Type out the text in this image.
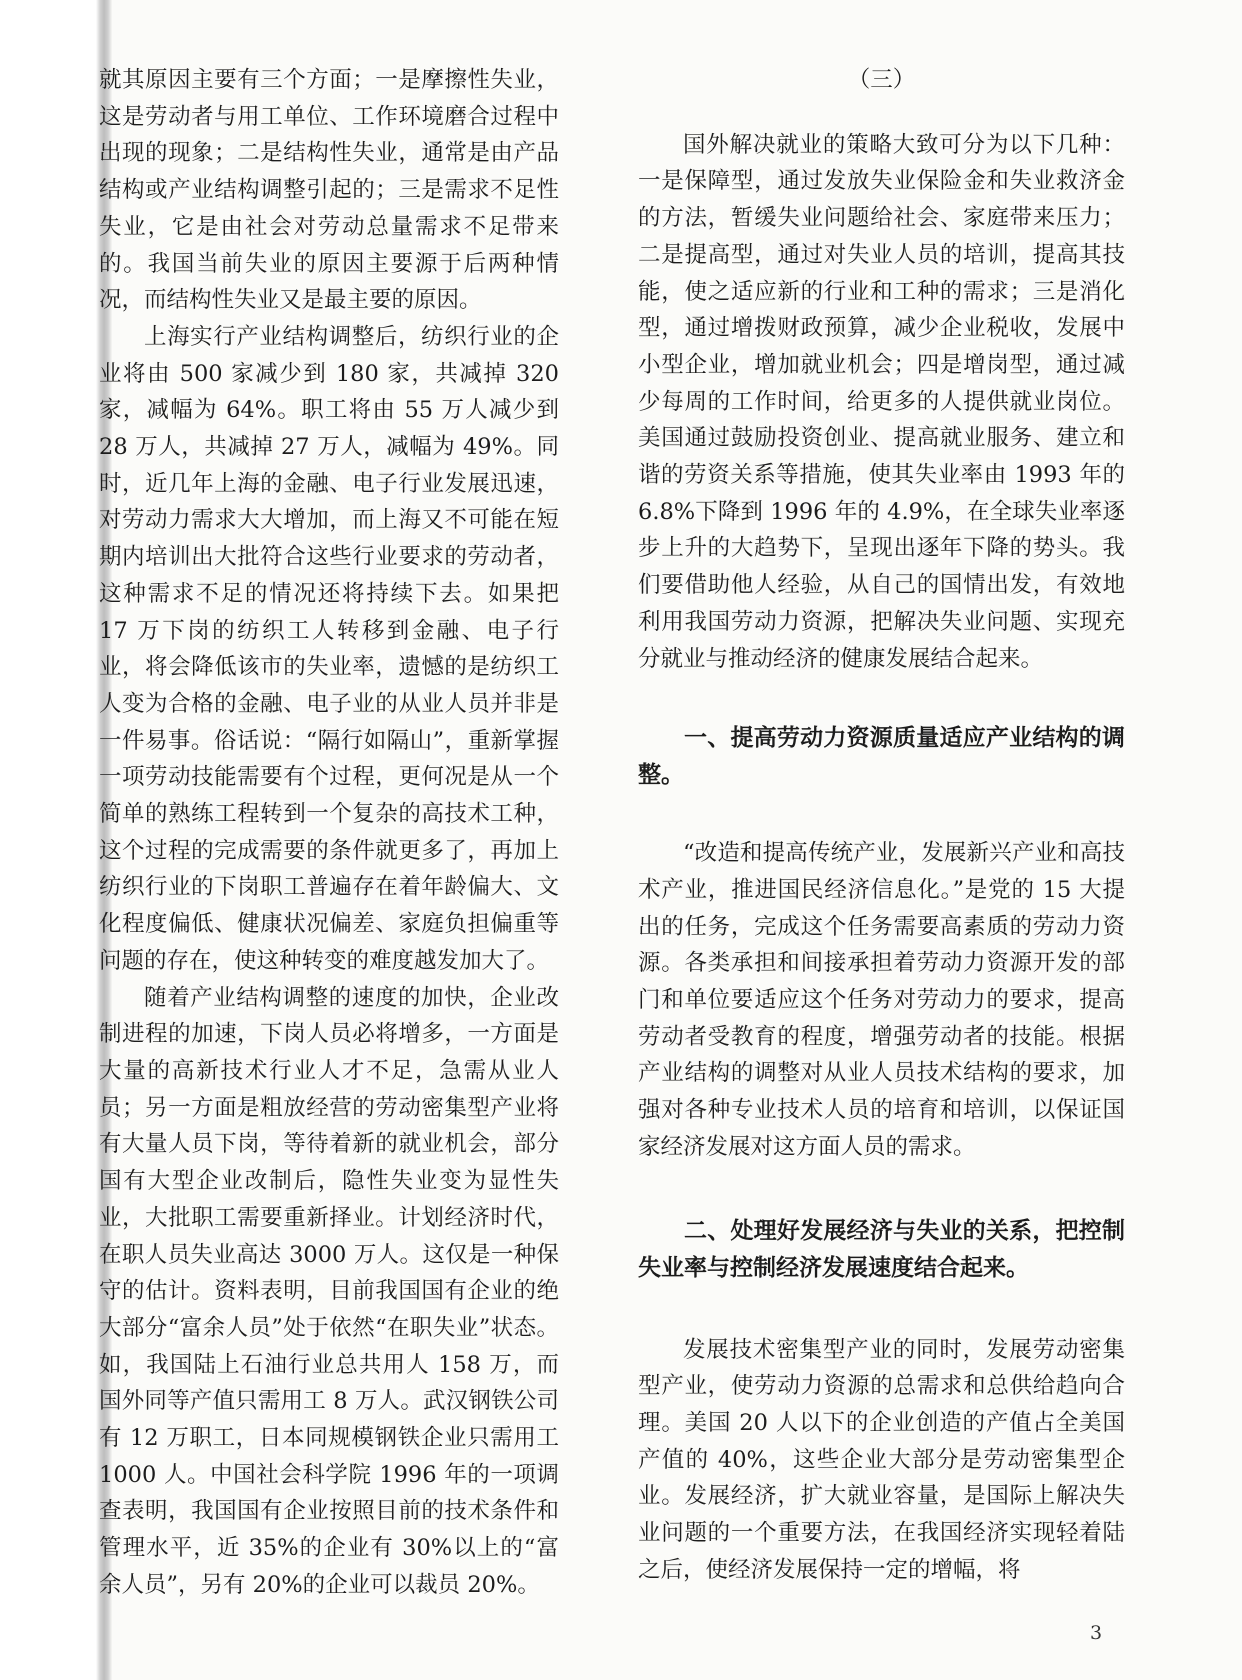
就其原因主要有三个方面；一是摩擦性失业，这是劳动者与用工单位、工作环境磨合过程中出现的现象；二是结构性失业，通常是由产品结构或产业结构调整引起的；三是需求不足性失业，它是由社会对劳动总量需求不足带来的。我国当前失业的原因主要源于后两种情况，而结构性失业又是最主要的原因。

上海实行产业结构调整后，纺织行业的企业将由 500 家减少到 180 家，共减掉 320 家，减幅为 64%。职工将由 55 万人减少到 28 万人，共减掉 27 万人，减幅为 49%。同时，近几年上海的金融、电子行业发展迅速，对劳动力需求大大增加，而上海又不可能在短期内培训出大批符合这些行业要求的劳动者，这种需求不足的情况还将持续下去。如果把 17 万下岗的纺织工人转移到金融、电子行业，将会降低该市的失业率，遗憾的是纺织工人变为合格的金融、电子业的从业人员并非是一件易事。俗话说：“隔行如隔山”，重新掌握一项劳动技能需要有个过程，更何况是从一个简单的熟练工程转到一个复杂的高技术工种，这个过程的完成需要的条件就更多了，再加上纺织行业的下岗职工普遍存在着年龄偏大、文化程度偏低、健康状况偏差、家庭负担偏重等问题的存在，使这种转变的难度越发加大了。

随着产业结构调整的速度的加快，企业改制进程的加速，下岗人员必将增多，一方面是大量的高新技术行业人才不足，急需从业人员；另一方面是粗放经营的劳动密集型产业将有大量人员下岗，等待着新的就业机会，部分国有大型企业改制后，隐性失业变为显性失业，大批职工需要重新择业。计划经济时代，在职人员失业高达 3000 万人。这仅是一种保守的估计。资料表明，目前我国国有企业的绝大部分“富余人员”处于依然“在职失业”状态。如，我国陆上石油行业总共用人 158 万，而国外同等产值只需用工 8 万人。武汉钢铁公司有 12 万职工，日本同规模钢铁企业只需用工 1000 人。中国社会科学院 1996 年的一项调查表明，我国国有企业按照目前的技术条件和管理水平，近 35%的企业有 30%以上的“富余人员”，另有 20%的企业可以裁员 20%。

（三）

国外解决就业的策略大致可分为以下几种：一是保障型，通过发放失业保险金和失业救济金的方法，暂缓失业问题给社会、家庭带来压力；二是提高型，通过对失业人员的培训，提高其技能，使之适应新的行业和工种的需求；三是消化型，通过增拨财政预算，减少企业税收，发展中小型企业，增加就业机会；四是增岗型，通过减少每周的工作时间，给更多的人提供就业岗位。美国通过鼓励投资创业、提高就业服务、建立和谐的劳资关系等措施，使其失业率由 1993 年的 6.8%下降到 1996 年的 4.9%，在全球失业率逐步上升的大趋势下，呈现出逐年下降的势头。我们要借助他人经验，从自己的国情出发，有效地利用我国劳动力资源，把解决失业问题、实现充分就业与推动经济的健康发展结合起来。

一、提高劳动力资源质量适应产业结构的调整。

“改造和提高传统产业，发展新兴产业和高技术产业，推进国民经济信息化。”是党的 15 大提出的任务，完成这个任务需要高素质的劳动力资源。各类承担和间接承担着劳动力资源开发的部门和单位要适应这个任务对劳动力的要求，提高劳动者受教育的程度，增强劳动者的技能。根据产业结构的调整对从业人员技术结构的要求，加强对各种专业技术人员的培育和培训，以保证国家经济发展对这方面人员的需求。

二、处理好发展经济与失业的关系，把控制失业率与控制经济发展速度结合起来。

发展技术密集型产业的同时，发展劳动密集型产业，使劳动力资源的总需求和总供给趋向合理。美国 20 人以下的企业创造的产值占全美国产值的 40%，这些企业大部分是劳动密集型企业。发展经济，扩大就业容量，是国际上解决失业问题的一个重要方法，在我国经济实现轻着陆之后，使经济发展保持一定的增幅，将

3
